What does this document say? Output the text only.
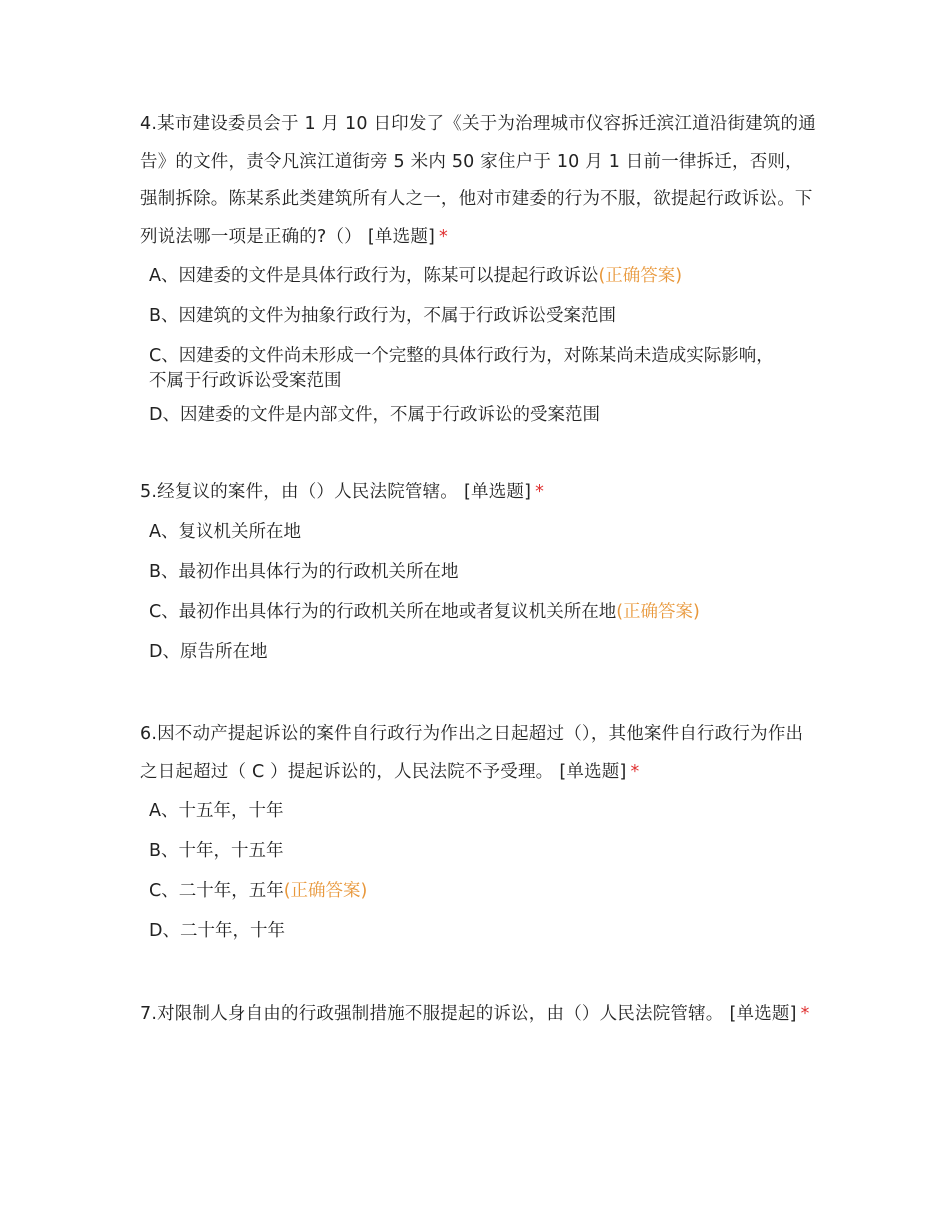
4.某市建设委员会于 1 月 10 日印发了《关于为治理城市仪容拆迁滨江道沿街建筑的通告》的文件，责令凡滨江道街旁 5 米内 50 家住户于 10 月 1 日前一律拆迁，否则，强制拆除。陈某系此类建筑所有人之一，他对市建委的行为不服，欲提起行政诉讼。下列说法哪一项是正确的?（） [单选题] *

A、因建委的文件是具体行政行为，陈某可以提起行政诉讼(正确答案)

B、因建筑的文件为抽象行政行为，不属于行政诉讼受案范围

C、因建委的文件尚未形成一个完整的具体行政行为，对陈某尚未造成实际影响，不属于行政诉讼受案范围

D、因建委的文件是内部文件，不属于行政诉讼的受案范围

5.经复议的案件，由（）人民法院管辖。 [单选题] *

A、复议机关所在地

B、最初作出具体行为的行政机关所在地

C、最初作出具体行为的行政机关所在地或者复议机关所在地(正确答案)

D、原告所在地

6.因不动产提起诉讼的案件自行政行为作出之日起超过（），其他案件自行政行为作出之日起超过（ C ）提起诉讼的，人民法院不予受理。 [单选题] *

A、十五年，十年

B、十年，十五年

C、二十年，五年(正确答案)

D、二十年，十年

7.对限制人身自由的行政强制措施不服提起的诉讼，由（）人民法院管辖。 [单选题] *
